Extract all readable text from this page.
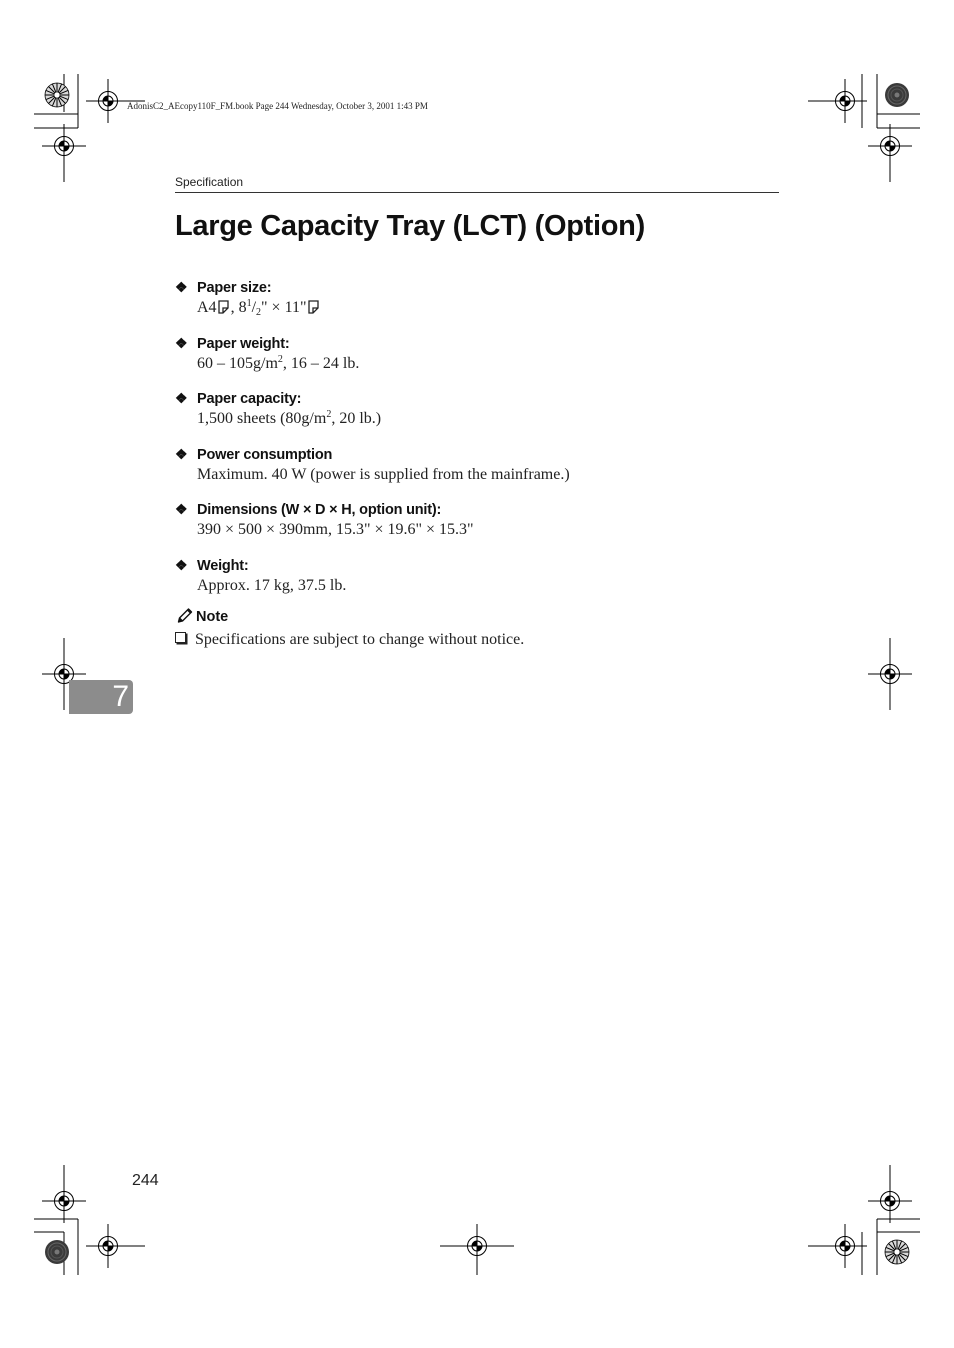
AdonisC2_AEcopy110F_FM.book Page 244 Wednesday, October 3, 2001 1:43 PM
Specification
Large Capacity Tray (LCT) (Option)
❖ Paper size:
A4 , $8^1/_2$" × 11"
❖ Paper weight:
$60 - 105g/m^2$, 16 – 24 lb.
❖ Paper capacity:
1,500 sheets ($80g/m^2$, 20 lb.)
❖ Power consumption
Maximum. 40 W (power is supplied from the mainframe.)
❖ Dimensions (W × D × H, option unit):
390 × 500 × 390mm, 15.3" × 19.6" × 15.3"
❖ Weight:
Approx. 17 kg, 37.5 lb.
Note
Specifications are subject to change without notice.
7
244
